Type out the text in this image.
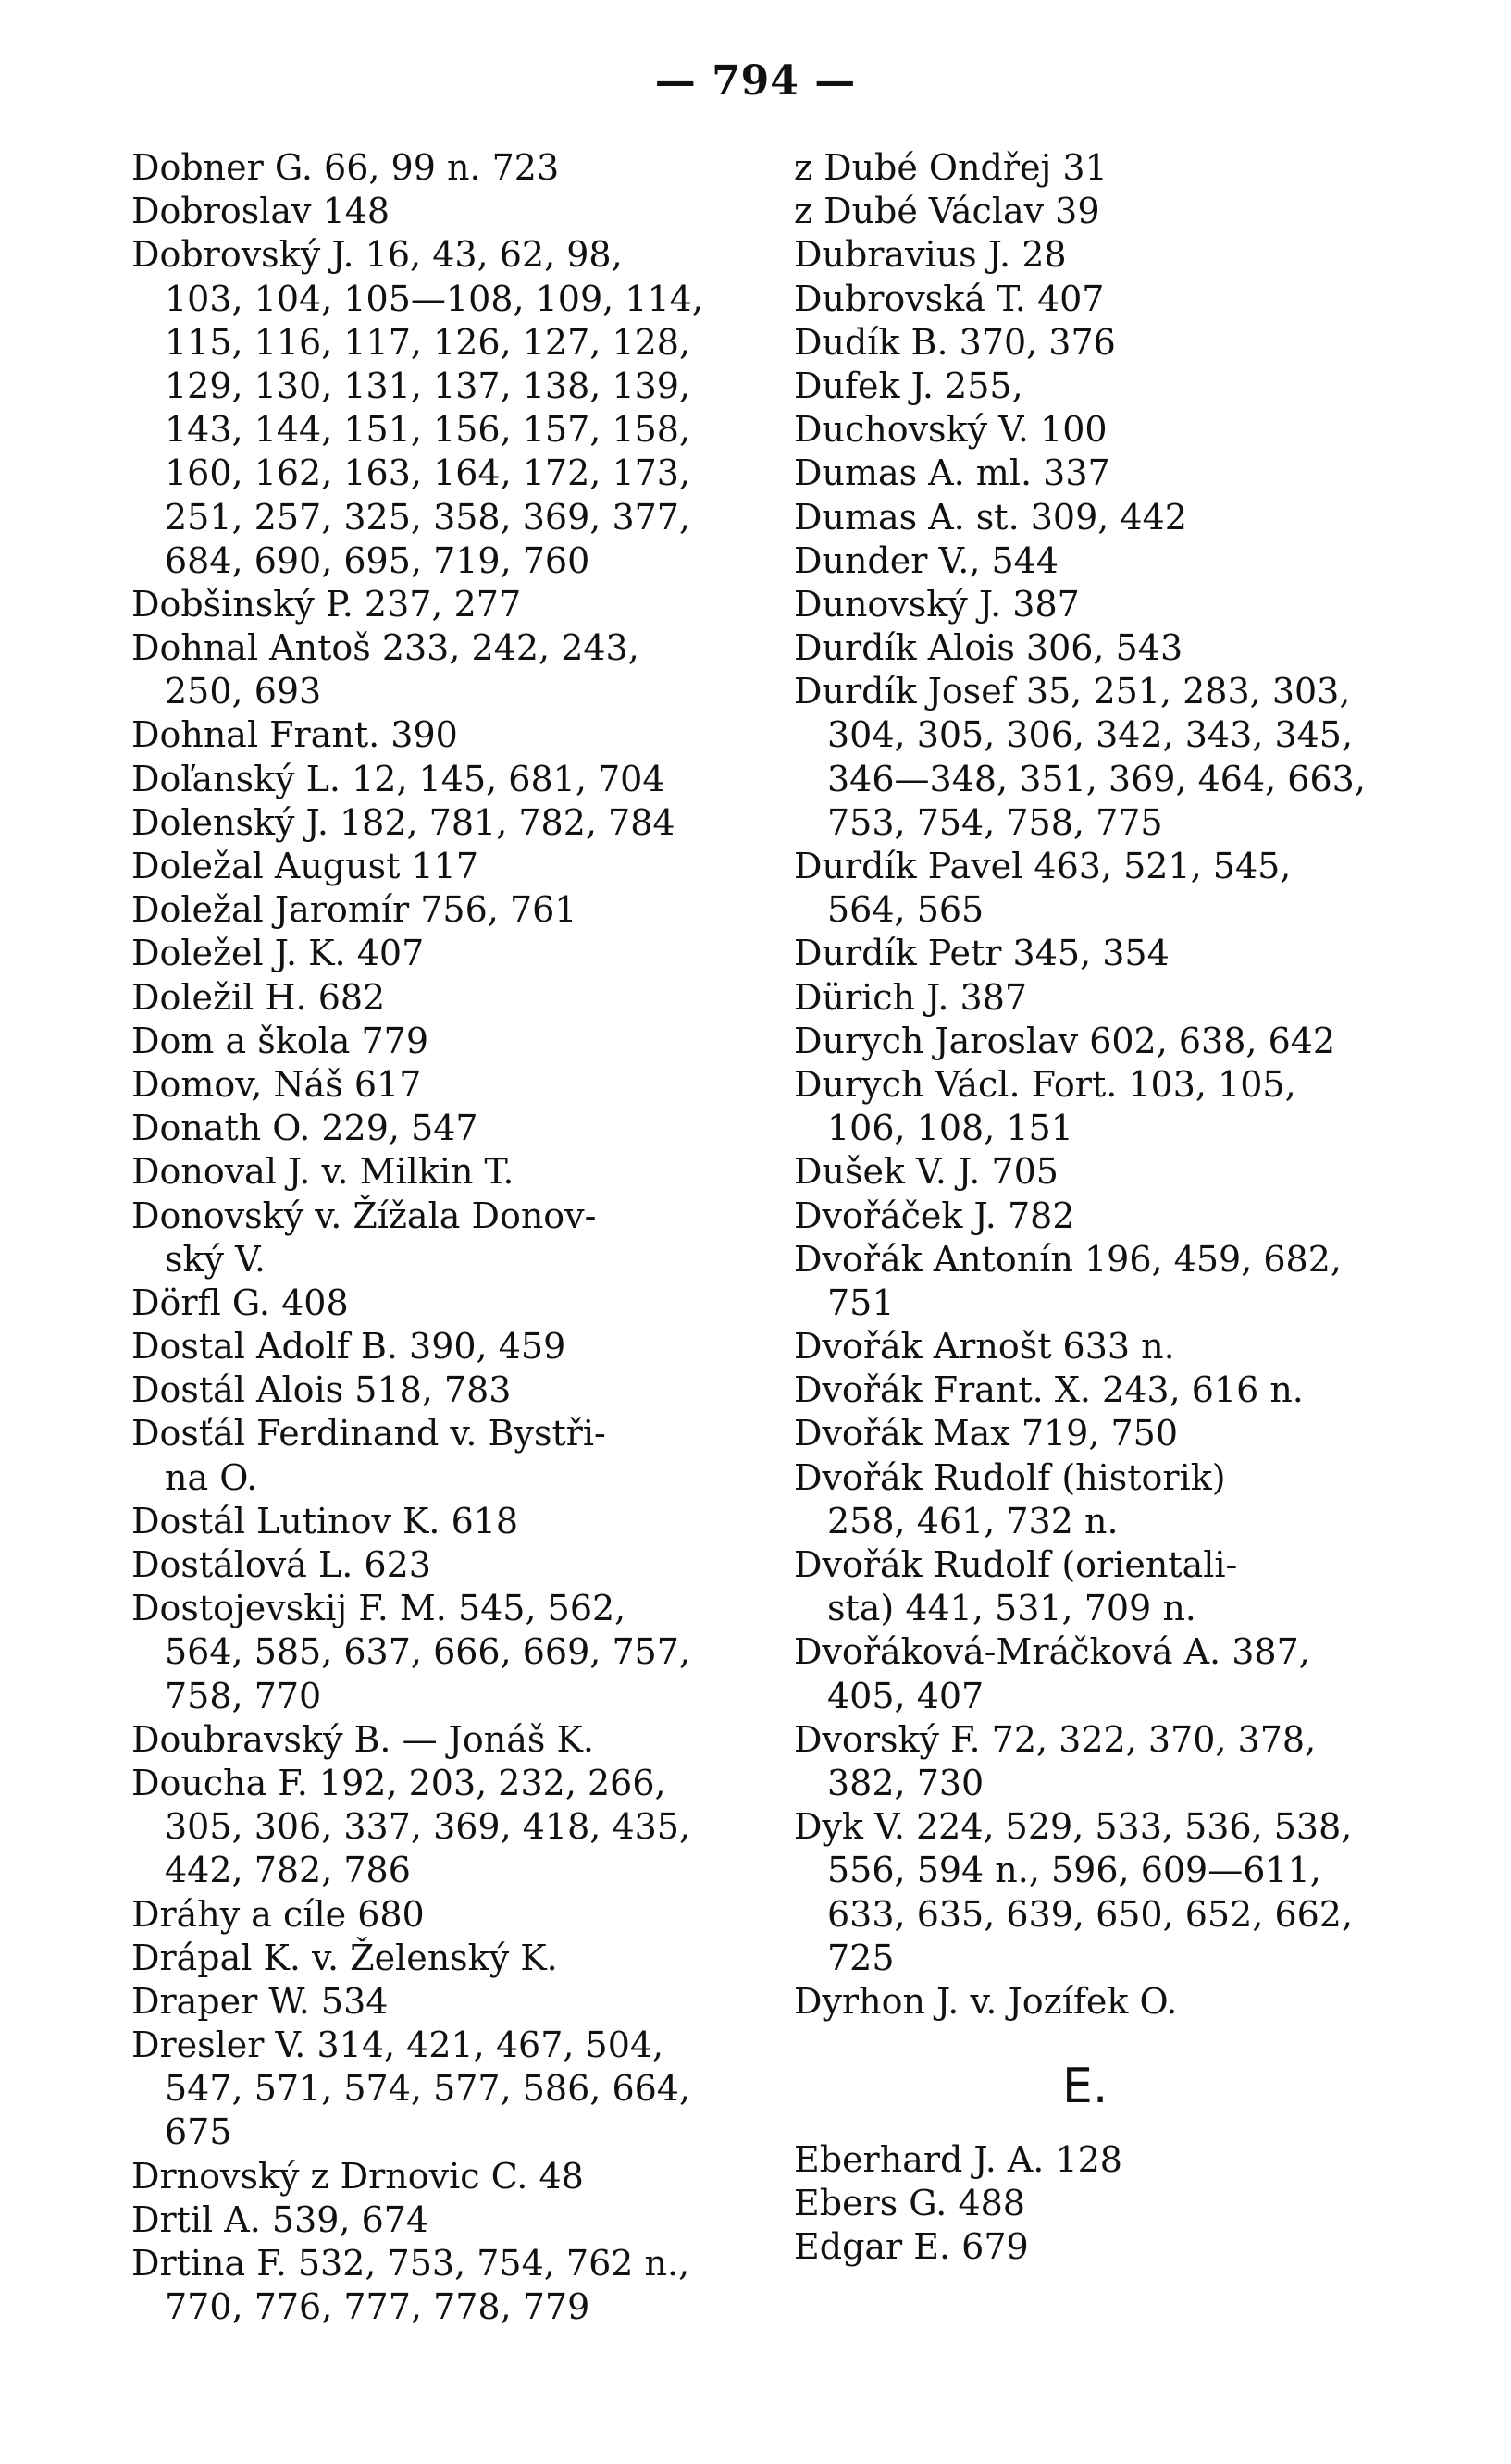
— 794 —
Dobner G. 66, 99 n. 723
Dobroslav 148
Dobrovský J. 16, 43, 62, 98,
103, 104, 105—108, 109, 114,
115, 116, 117, 126, 127, 128,
129, 130, 131, 137, 138, 139,
143, 144, 151, 156, 157, 158,
160, 162, 163, 164, 172, 173,
251, 257, 325, 358, 369, 377,
684, 690, 695, 719, 760
Dobšinský P. 237, 277
Dohnal Antoš 233, 242, 243,
250, 693
Dohnal Frant. 390
Doľanský L. 12, 145, 681, 704
Dolenský J. 182, 781, 782, 784
Doležal August 117
Doležal Jaromír 756, 761
Doležel J. K. 407
Doležil H. 682
Dom a škola 779
Domov, Náš 617
Donath O. 229, 547
Donoval J. v. Milkin T.
Donovský v. Žížala Donov-
ský V.
Dörfl G. 408
Dostal Adolf B. 390, 459
Dostál Alois 518, 783
Dosťál Ferdinand v. Bystři-
na O.
Dostál Lutinov K. 618
Dostálová L. 623
Dostojevskij F. M. 545, 562,
564, 585, 637, 666, 669, 757,
758, 770
Doubravský B. — Jonáš K.
Doucha F. 192, 203, 232, 266,
305, 306, 337, 369, 418, 435,
442, 782, 786
Dráhy a cíle 680
Drápal K. v. Želenský K.
Draper W. 534
Dresler V. 314, 421, 467, 504,
547, 571, 574, 577, 586, 664,
675
Drnovský z Drnovic C. 48
Drtil A. 539, 674
Drtina F. 532, 753, 754, 762 n.,
770, 776, 777, 778, 779
z Dubé Ondřej 31
z Dubé Václav 39
Dubravius J. 28
Dubrovská T. 407
Dudík B. 370, 376
Dufek J. 255,
Duchovský V. 100
Dumas A. ml. 337
Dumas A. st. 309, 442
Dunder V., 544
Dunovský J. 387
Durdík Alois 306, 543
Durdík Josef 35, 251, 283, 303,
304, 305, 306, 342, 343, 345,
346—348, 351, 369, 464, 663,
753, 754, 758, 775
Durdík Pavel 463, 521, 545,
564, 565
Durdík Petr 345, 354
Dürich J. 387
Durych Jaroslav 602, 638, 642
Durych Václ. Fort. 103, 105,
106, 108, 151
Dušek V. J. 705
Dvořáček J. 782
Dvořák Antonín 196, 459, 682,
751
Dvořák Arnošt 633 n.
Dvořák Frant. X. 243, 616 n.
Dvořák Max 719, 750
Dvořák Rudolf (historik)
258, 461, 732 n.
Dvořák Rudolf (orientali-
sta) 441, 531, 709 n.
Dvořáková-Mráčková A. 387,
405, 407
Dvorský F. 72, 322, 370, 378,
382, 730
Dyk V. 224, 529, 533, 536, 538,
556, 594 n., 596, 609—611,
633, 635, 639, 650, 652, 662,
725
Dyrhon J. v. Jozífek O.
E.
Eberhard J. A. 128
Ebers G. 488
Edgar E. 679
